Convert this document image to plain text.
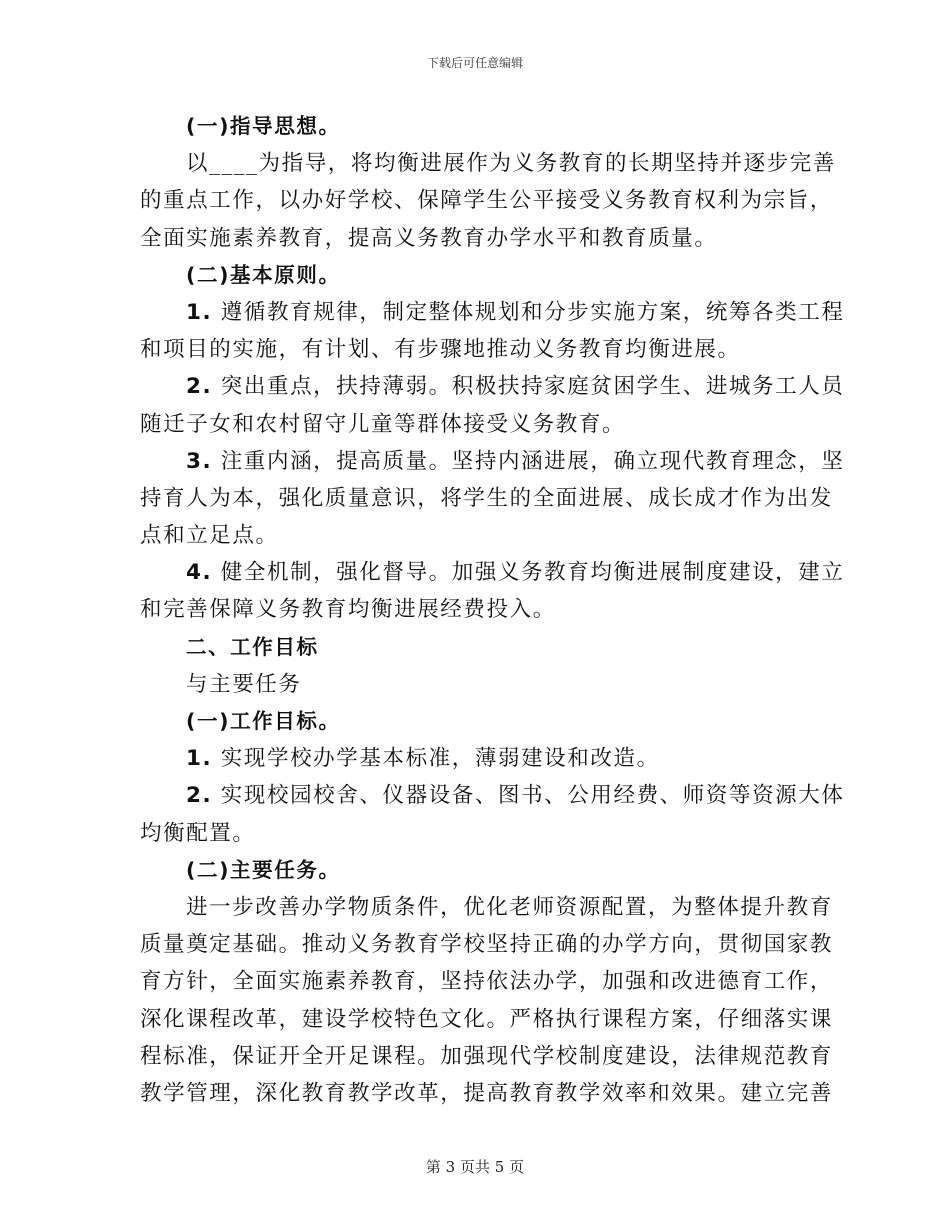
下载后可任意编辑
(一)指导思想。
以____为指导，将均衡进展作为义务教育的长期坚持并逐步完善
的重点工作，以办好学校、保障学生公平接受义务教育权利为宗旨，
全面实施素养教育，提高义务教育办学水平和教育质量。
(二)基本原则。
1. 遵循教育规律，制定整体规划和分步实施方案，统筹各类工程
和项目的实施，有计划、有步骤地推动义务教育均衡进展。
2. 突出重点，扶持薄弱。积极扶持家庭贫困学生、进城务工人员
随迁子女和农村留守儿童等群体接受义务教育。
3. 注重内涵，提高质量。坚持内涵进展，确立现代教育理念，坚
持育人为本，强化质量意识，将学生的全面进展、成长成才作为出发
点和立足点。
4. 健全机制，强化督导。加强义务教育均衡进展制度建设，建立
和完善保障义务教育均衡进展经费投入。
二、工作目标
与主要任务
(一)工作目标。
1. 实现学校办学基本标准，薄弱建设和改造。
2. 实现校园校舍、仪器设备、图书、公用经费、师资等资源大体
均衡配置。
(二)主要任务。
进一步改善办学物质条件，优化老师资源配置，为整体提升教育
质量奠定基础。推动义务教育学校坚持正确的办学方向，贯彻国家教
育方针，全面实施素养教育，坚持依法办学，加强和改进德育工作，
深化课程改革，建设学校特色文化。严格执行课程方案，仔细落实课
程标准，保证开全开足课程。加强现代学校制度建设，法律规范教育
教学管理，深化教育教学改革，提高教育教学效率和效果。建立完善
第 3 页共 5 页
